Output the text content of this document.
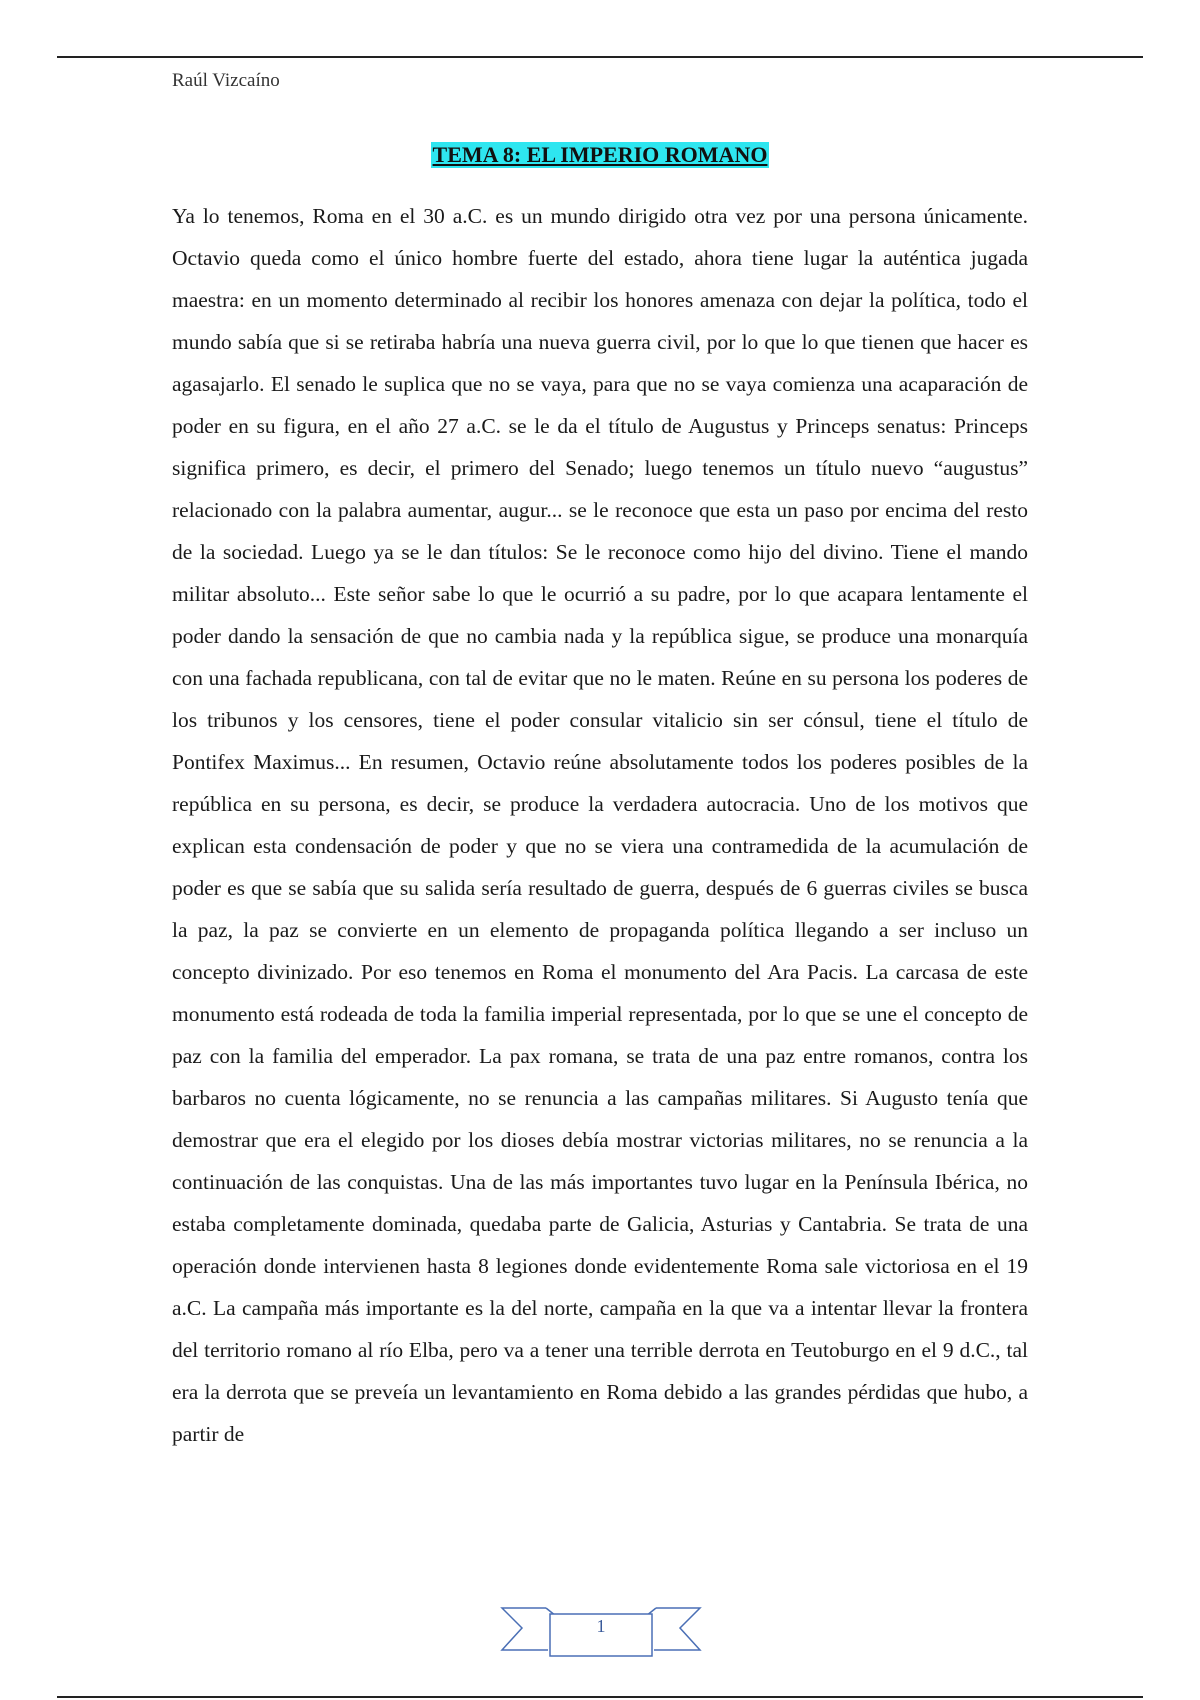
Raúl Vizcaíno
TEMA 8: EL IMPERIO ROMANO

Ya lo tenemos, Roma en el 30 a.C. es un mundo dirigido otra vez por una persona únicamente. Octavio queda como el único hombre fuerte del estado, ahora tiene lugar la auténtica jugada maestra: en un momento determinado al recibir los honores amenaza con dejar la política, todo el mundo sabía que si se retiraba habría una nueva guerra civil, por lo que lo que tienen que hacer es agasajarlo. El senado le suplica que no se vaya, para que no se vaya comienza una acaparación de poder en su figura, en el año 27 a.C. se le da el título de Augustus y Princeps senatus: Princeps significa primero, es decir, el primero del Senado; luego tenemos un título nuevo “augustus” relacionado con la palabra aumentar, augur... se le reconoce que esta un paso por encima del resto de la sociedad. Luego ya se le dan títulos: Se le reconoce como hijo del divino. Tiene el mando militar absoluto... Este señor sabe lo que le ocurrió a su padre, por lo que acapara lentamente el poder dando la sensación de que no cambia nada y la república sigue, se produce una monarquía con una fachada republicana, con tal de evitar que no le maten. Reúne en su persona los poderes de los tribunos y los censores, tiene el poder consular vitalicio sin ser cónsul, tiene el título de Pontifex Maximus... En resumen, Octavio reúne absolutamente todos los poderes posibles de la república en su persona, es decir, se produce la verdadera autocracia. Uno de los motivos que explican esta condensación de poder y que no se viera una contramedida de la acumulación de poder es que se sabía que su salida sería resultado de guerra, después de 6 guerras civiles se busca la paz, la paz se convierte en un elemento de propaganda política llegando a ser incluso un concepto divinizado. Por eso tenemos en Roma el monumento del Ara Pacis. La carcasa de este monumento está rodeada de toda la familia imperial representada, por lo que se une el concepto de paz con la familia del emperador. La pax romana, se trata de una paz entre romanos, contra los barbaros no cuenta lógicamente, no se renuncia a las campañas militares. Si Augusto tenía que demostrar que era el elegido por los dioses debía mostrar victorias militares, no se renuncia a la continuación de las conquistas. Una de las más importantes tuvo lugar en la Península Ibérica, no estaba completamente dominada, quedaba parte de Galicia, Asturias y Cantabria. Se trata de una operación donde intervienen hasta 8 legiones donde evidentemente Roma sale victoriosa en el 19 a.C. La campaña más importante es la del norte, campaña en la que va a intentar llevar la frontera del territorio romano al río Elba, pero va a tener una terrible derrota en Teutoburgo en el 9 d.C., tal era la derrota que se preveía un levantamiento en Roma debido a las grandes pérdidas que hubo, a partir de

1
